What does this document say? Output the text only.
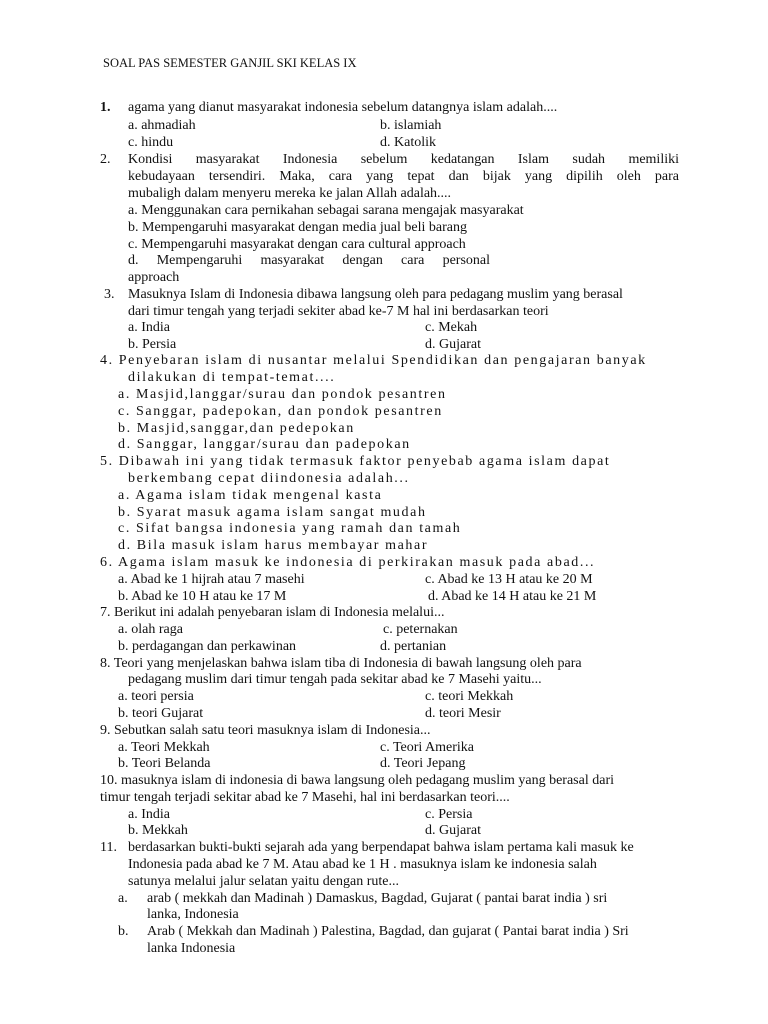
SOAL PAS SEMESTER GANJIL SKI KELAS IX
1. agama yang dianut masyarakat indonesia sebelum datangnya islam adalah....
a. ahmadiah	b. islamiah
c. hindu	d. Katolik
2. Kondisi masyarakat Indonesia sebelum kedatangan Islam sudah memiliki
kebudayaan tersendiri. Maka, cara yang tepat dan bijak yang dipilih oleh para
mubaligh dalam menyeru mereka ke jalan Allah adalah....
a. Menggunakan cara pernikahan sebagai sarana mengajak masyarakat
b. Mempengaruhi masyarakat dengan media jual beli barang
c. Mempengaruhi masyarakat dengan cara cultural approach
d. Mempengaruhi masyarakat dengan cara personal
approach
3. Masuknya Islam di Indonesia dibawa langsung oleh para pedagang muslim yang berasal
dari timur tengah yang terjadi sekiter abad ke-7 M hal ini berdasarkan teori
a. India	c. Mekah
b. Persia	d. Gujarat
4. Penyebaran islam di nusantar melalui Spendidikan dan pengajaran banyak
dilakukan di tempat-temat....
a. Masjid,langgar/surau dan pondok pesantren
c. Sanggar, padepokan, dan pondok pesantren
b. Masjid,sanggar,dan pedepokan
d. Sanggar, langgar/surau dan padepokan
5. Dibawah ini yang tidak termasuk faktor penyebab agama islam dapat
berkembang cepat diindonesia adalah...
a. Agama islam tidak mengenal kasta
b. Syarat masuk agama islam sangat mudah
c. Sifat bangsa indonesia yang ramah dan tamah
d. Bila masuk islam harus membayar mahar
6. Agama islam masuk ke indonesia di perkirakan masuk pada abad...
a. Abad ke 1 hijrah atau 7 masehi	c. Abad ke 13 H atau ke 20 M
b. Abad ke 10 H atau ke 17 M	d. Abad ke 14 H atau ke 21 M
7. Berikut ini adalah penyebaran islam di Indonesia melalui...
a. olah raga	c. peternakan
b. perdagangan dan perkawinan	d. pertanian
8. Teori yang menjelaskan bahwa islam tiba di Indonesia di bawah langsung oleh para
pedagang muslim dari timur tengah pada sekitar abad ke 7 Masehi yaitu...
a. teori persia	c. teori Mekkah
b. teori Gujarat	d. teori Mesir
9. Sebutkan salah satu teori masuknya islam di Indonesia...
a. Teori Mekkah	c. Teori Amerika
b. Teori Belanda	d. Teori Jepang
10. masuknya islam di indonesia di bawa langsung oleh pedagang muslim yang berasal dari
timur tengah terjadi sekitar abad ke 7 Masehi, hal ini berdasarkan teori....
a. India	c. Persia
b. Mekkah	d. Gujarat
11. berdasarkan bukti-bukti sejarah ada yang berpendapat bahwa islam pertama kali masuk ke
Indonesia pada abad ke 7 M. Atau abad ke 1 H . masuknya islam ke indonesia salah
satunya melalui jalur selatan yaitu dengan rute...
a. arab ( mekkah dan Madinah ) Damaskus, Bagdad, Gujarat ( pantai barat india ) sri
lanka, Indonesia
b. Arab ( Mekkah dan Madinah ) Palestina, Bagdad, dan gujarat ( Pantai barat india ) Sri
lanka Indonesia
